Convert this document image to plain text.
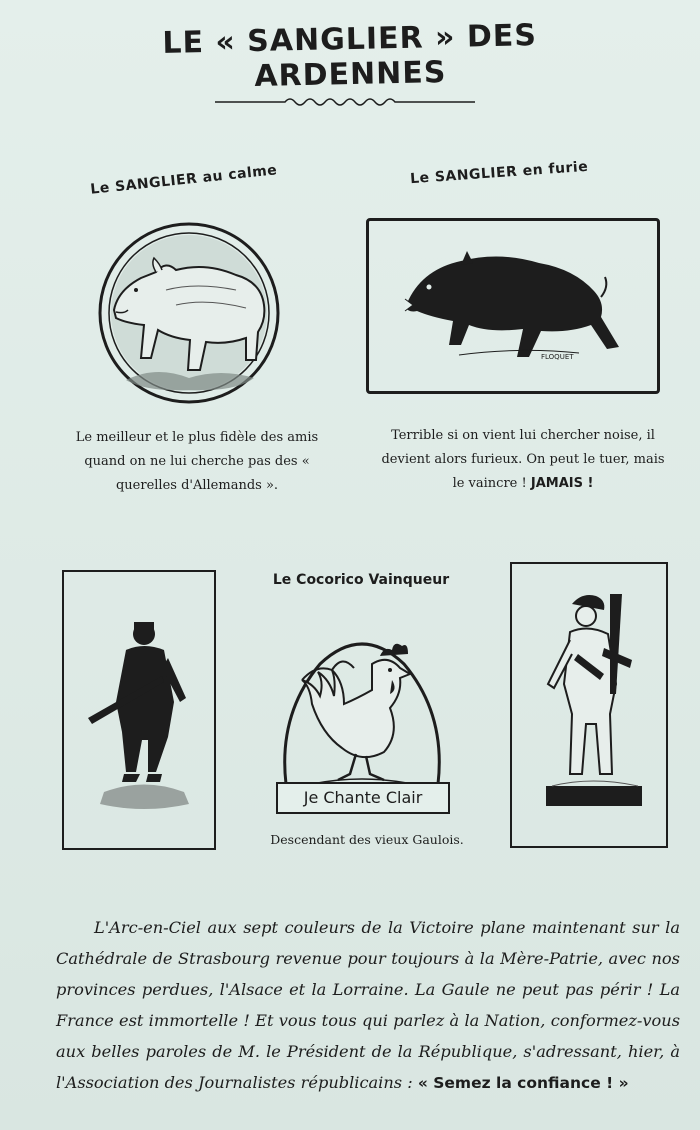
LE « SANGLIER » DES ARDENNES
Le SANGLIER au calme	Le SANGLIER en furie
FLOQUET
Le meilleur et le plus fidèle des amis quand on ne lui cherche pas des « querelles d'Allemands ».
Terrible si on vient lui chercher noise, il devient alors furieux. On peut le tuer, mais le vaincre ! JAMAIS !
Le Cocorico Vainqueur
Je Chante Clair
Descendant des vieux Gaulois.
L'Arc-en-Ciel aux sept couleurs de la Victoire plane maintenant sur la Cathédrale de Strasbourg revenue pour toujours à la Mère-Patrie, avec nos provinces perdues, l'Alsace et la Lorraine. La Gaule ne peut pas périr ! La France est immortelle ! Et vous tous qui parlez à la Nation, conformez-vous aux belles paroles de M. le Président de la République, s'adressant, hier, à l'Association des Journalistes républicains : « Semez la confiance ! »
